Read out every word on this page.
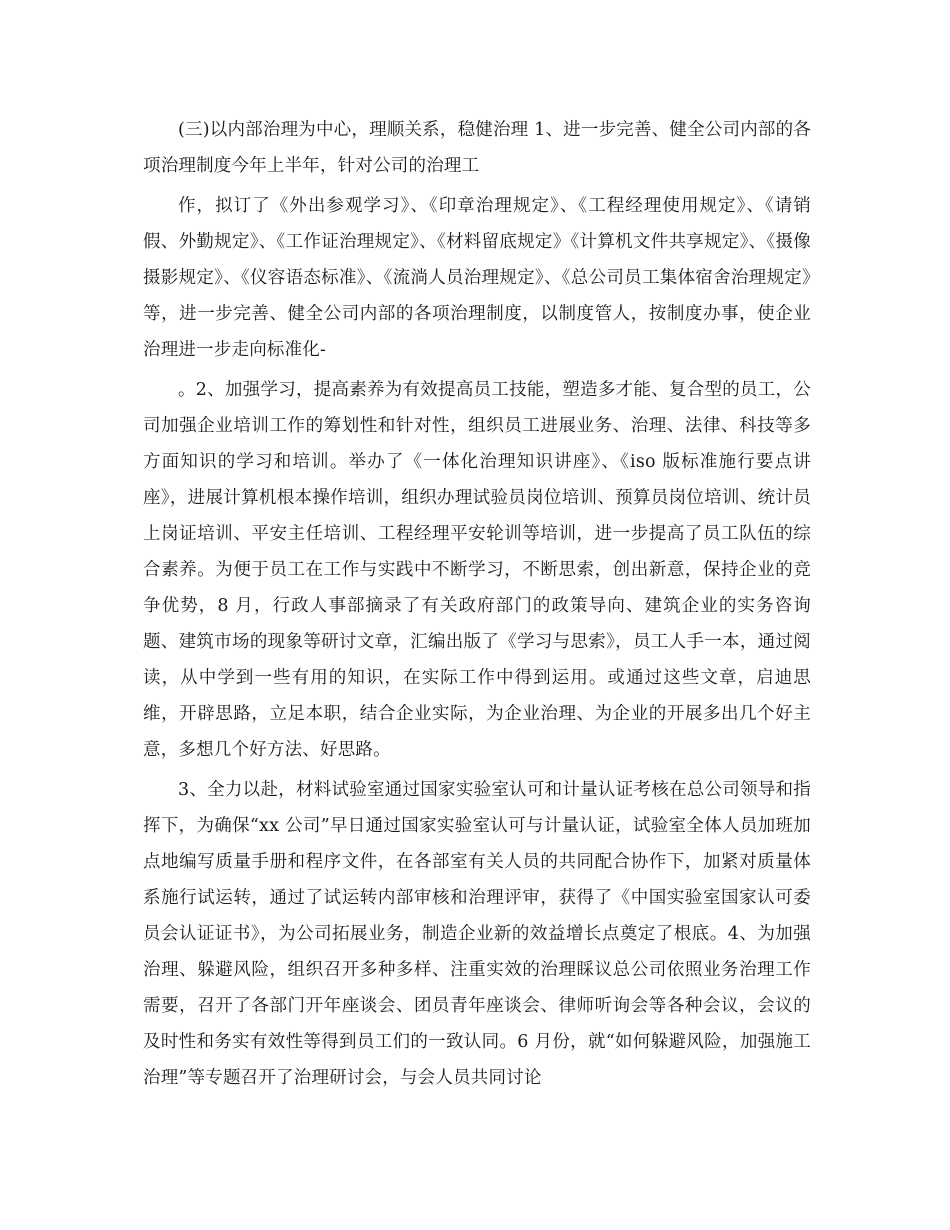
(三)以内部治理为中心，理顺关系，稳健治理 1、进一步完善、健全公司内部的各项治理制度今年上半年，针对公司的治理工

作，拟订了《外出参观学习》、《印章治理规定》、《工程经理使用规定》、《请销假、外勤规定》、《工作证治理规定》、《材料留底规定》《计算机文件共享规定》、《摄像摄影规定》、《仪容语态标准》、《流淌人员治理规定》、《总公司员工集体宿舍治理规定》等，进一步完善、健全公司内部的各项治理制度，以制度管人，按制度办事，使企业治理进一步走向标准化-

。2、加强学习，提高素养为有效提高员工技能，塑造多才能、复合型的员工，公司加强企业培训工作的筹划性和针对性，组织员工进展业务、治理、法律、科技等多方面知识的学习和培训。举办了《一体化治理知识讲座》、《iso 版标准施行要点讲座》，进展计算机根本操作培训，组织办理试验员岗位培训、预算员岗位培训、统计员上岗证培训、平安主任培训、工程经理平安轮训等培训，进一步提高了员工队伍的综合素养。为便于员工在工作与实践中不断学习，不断思索，创出新意，保持企业的竞争优势，8 月，行政人事部摘录了有关政府部门的政策导向、建筑企业的实务咨询题、建筑市场的现象等研讨文章，汇编出版了《学习与思索》，员工人手一本，通过阅读，从中学到一些有用的知识，在实际工作中得到运用。或通过这些文章，启迪思维，开辟思路，立足本职，结合企业实际，为企业治理、为企业的开展多出几个好主意，多想几个好方法、好思路。

3、全力以赴，材料试验室通过国家实验室认可和计量认证考核在总公司领导和指挥下，为确保“xx 公司”早日通过国家实验室认可与计量认证，试验室全体人员加班加点地编写质量手册和程序文件，在各部室有关人员的共同配合协作下，加紧对质量体系施行试运转，通过了试运转内部审核和治理评审，获得了《中国实验室国家认可委员会认证证书》，为公司拓展业务，制造企业新的效益增长点奠定了根底。4、为加强治理、躲避风险，组织召开多种多样、注重实效的治理睬议总公司依照业务治理工作需要，召开了各部门开年座谈会、团员青年座谈会、律师听询会等各种会议，会议的及时性和务实有效性等得到员工们的一致认同。6 月份，就“如何躲避风险，加强施工治理”等专题召开了治理研讨会，与会人员共同讨论
